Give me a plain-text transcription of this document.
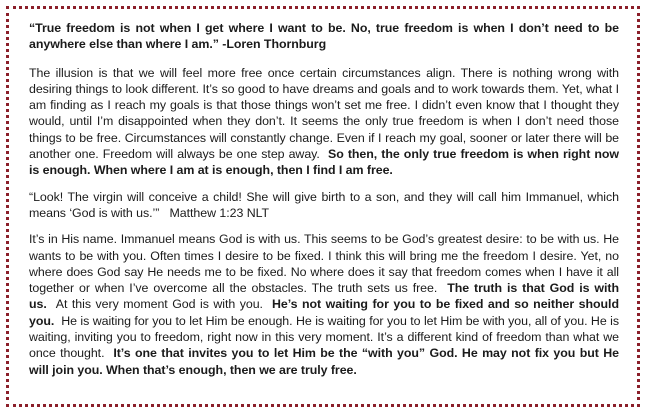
“True freedom is not when I get where I want to be. No, true freedom is when I don’t need to be anywhere else than where I am.” -Loren Thornburg

The illusion is that we will feel more free once certain circumstances align. There is nothing wrong with desiring things to look different. It’s so good to have dreams and goals and to work towards them. Yet, what I am finding as I reach my goals is that those things won’t set me free. I didn’t even know that I thought they would, until I’m disappointed when they don’t. It seems the only true freedom is when I don’t need those things to be free. Circumstances will constantly change. Even if I reach my goal, sooner or later there will be another one. Freedom will always be one step away. So then, the only true freedom is when right now is enough. When where I am at is enough, then I find I am free.

“Look! The virgin will conceive a child! She will give birth to a son, and they will call him Immanuel, which means ‘God is with us.’” Matthew 1:23 NLT

It’s in His name. Immanuel means God is with us. This seems to be God’s greatest desire: to be with us. He wants to be with you. Often times I desire to be fixed. I think this will bring me the freedom I desire. Yet, no where does God say He needs me to be fixed. No where does it say that freedom comes when I have it all together or when I’ve overcome all the obstacles. The truth sets us free. The truth is that God is with us. At this very moment God is with you. He’s not waiting for you to be fixed and so neither should you. He is waiting for you to let Him be enough. He is waiting for you to let Him be with you, all of you. He is waiting, inviting you to freedom, right now in this very moment. It’s a different kind of freedom than what we once thought. It’s one that invites you to let Him be the “with you” God. He may not fix you but He will join you. When that’s enough, then we are truly free.
